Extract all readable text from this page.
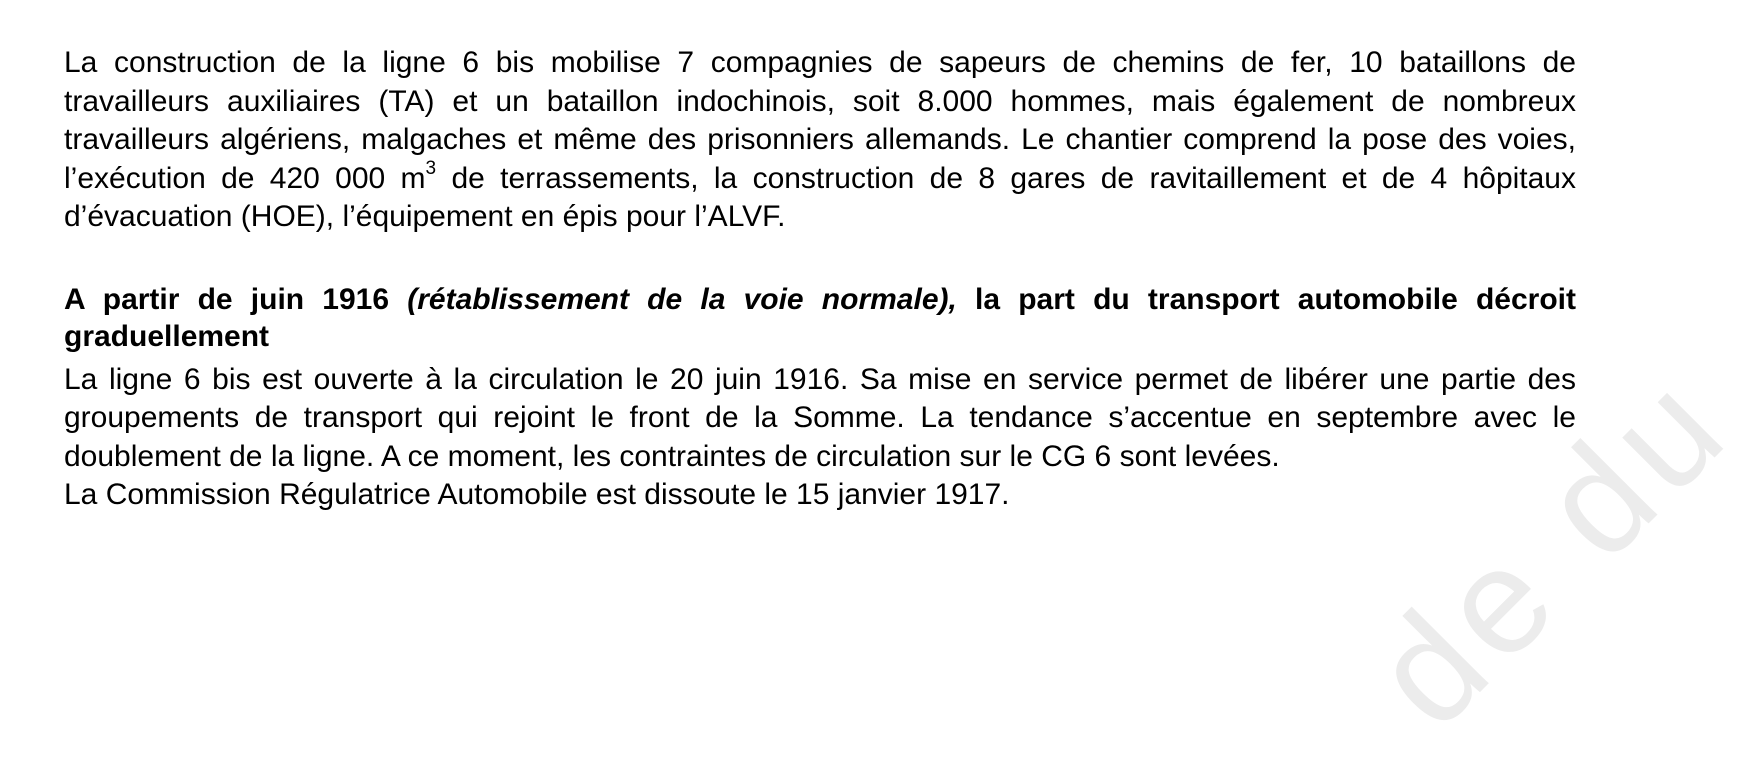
de du

La construction de la ligne 6 bis mobilise 7 compagnies de sapeurs de chemins de fer, 10 bataillons de travailleurs auxiliaires (TA) et un bataillon indochinois, soit 8.000 hommes, mais également de nombreux travailleurs algériens, malgaches et même des prisonniers allemands. Le chantier comprend la pose des voies, l’exécution de 420 000 $m^3$ de terrassements, la construction de 8 gares de ravitaillement et de 4 hôpitaux d’évacuation (HOE), l’équipement en épis pour l’ALVF.

A partir de juin 1916 (rétablissement de la voie normale), la part du transport automobile décroit graduellement

La ligne 6 bis est ouverte à la circulation le 20 juin 1916. Sa mise en service permet de libérer une partie des groupements de transport qui rejoint le front de la Somme. La tendance s’accentue en septembre avec le doublement de la ligne. A ce moment, les contraintes de circulation sur le CG 6 sont levées.

La Commission Régulatrice Automobile est dissoute le 15 janvier 1917.
